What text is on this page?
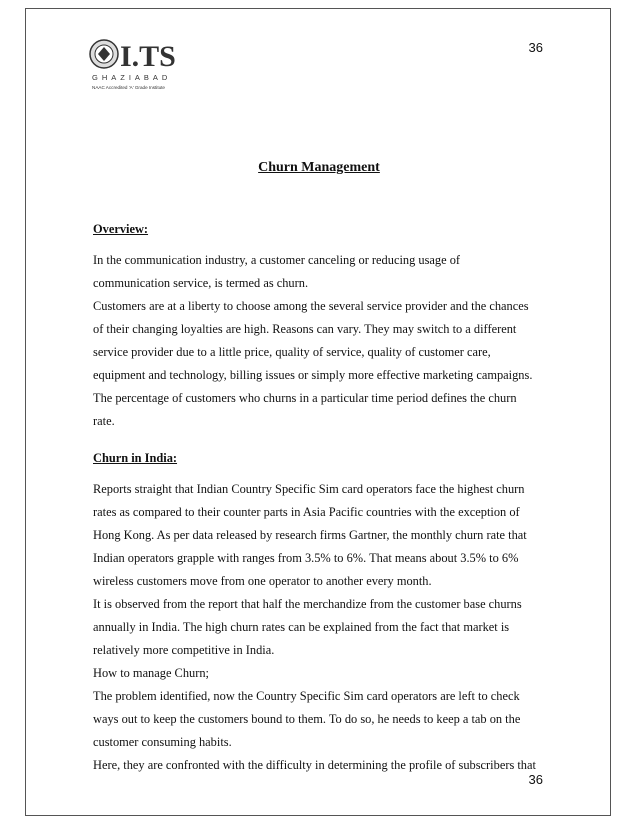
36
I.TS
GHAZIABAD
NAAC Accredited 'A' Grade Institute
Churn Management

Overview:

In the communication industry, a customer canceling or reducing usage of

communication service, is termed as churn.

Customers are at a liberty to choose among the several service provider and the chances

of their changing loyalties are high. Reasons can vary. They may switch to a different

service provider due to a little price, quality of service, quality of customer care,

equipment and technology, billing issues or simply more effective marketing campaigns.

The percentage of customers who churns in a particular time period defines the churn

rate.

Churn in India:

Reports straight that Indian Country Specific Sim card operators face the highest churn

rates as compared to their counter parts in Asia Pacific countries with the exception of

Hong Kong. As per data released by research firms Gartner, the monthly churn rate that

Indian operators grapple with ranges from 3.5% to 6%. That means about 3.5% to 6%

wireless customers move from one operator to another every month.

It is observed from the report that half the merchandize from the customer base churns

annually in India. The high churn rates can be explained from the fact that market is

relatively more competitive in India.

How to manage Churn;

The problem identified, now the Country Specific Sim card operators are left to check

ways out to keep the customers bound to them. To do so, he needs to keep a tab on the

customer consuming habits.

Here, they are confronted with the difficulty in determining the profile of subscribers that

36
